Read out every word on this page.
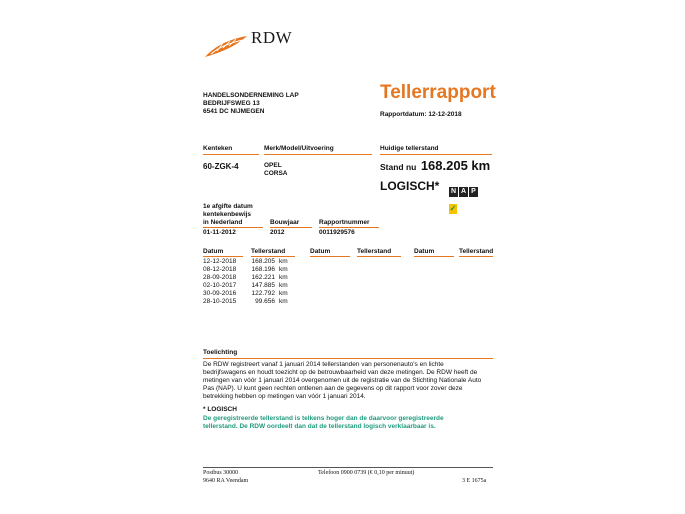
RDW
HANDELSONDERNEMING LAP
BEDRIJFSWEG 13
6541 DC NIJMEGEN
Tellerrapport
Rapportdatum: 12-12-2018
Kenteken	Merk/Model/Uitvoering	Huidige tellerstand
60-ZGK-4	OPEL
CORSA
Stand nu 168.205 km
LOGISCH* N A P✓
1e afgifte datum
kentekenbewijs
in Nederland	Bouwjaar	Rapportnummer
01-11-2012	2012	0011929576
Datum	Tellerstand	Datum	Tellerstand	Datum	Tellerstand
12-12-2018	168.205 km
08-12-2018	168.196 km
28-09-2018	162.221 km
02-10-2017	147.885 km
30-09-2016	122.792 km
28-10-2015	99.656 km
Toelichting
De RDW registreert vanaf 1 januari 2014 tellerstanden van personenauto's en lichte
bedrijfswagens en houdt toezicht op de betrouwbaarheid van deze metingen. De RDW heeft de
metingen van vóór 1 januari 2014 overgenomen uit de registratie van de Stichting Nationale Auto
Pas (NAP). U kunt geen rechten ontlenen aan de gegevens op dit rapport voor zover deze
betrekking hebben op metingen van vóór 1 januari 2014.
* LOGISCH
De geregistreerde tellerstand is telkens hoger dan de daarvoor geregistreerde
tellerstand. De RDW oordeelt dan dat de tellerstand logisch verklaarbaar is.
Postbus 30000
9640 RA Veendam
Telefoon 0900 0739 (€ 0,10 per minuut)
3 E 1675a
